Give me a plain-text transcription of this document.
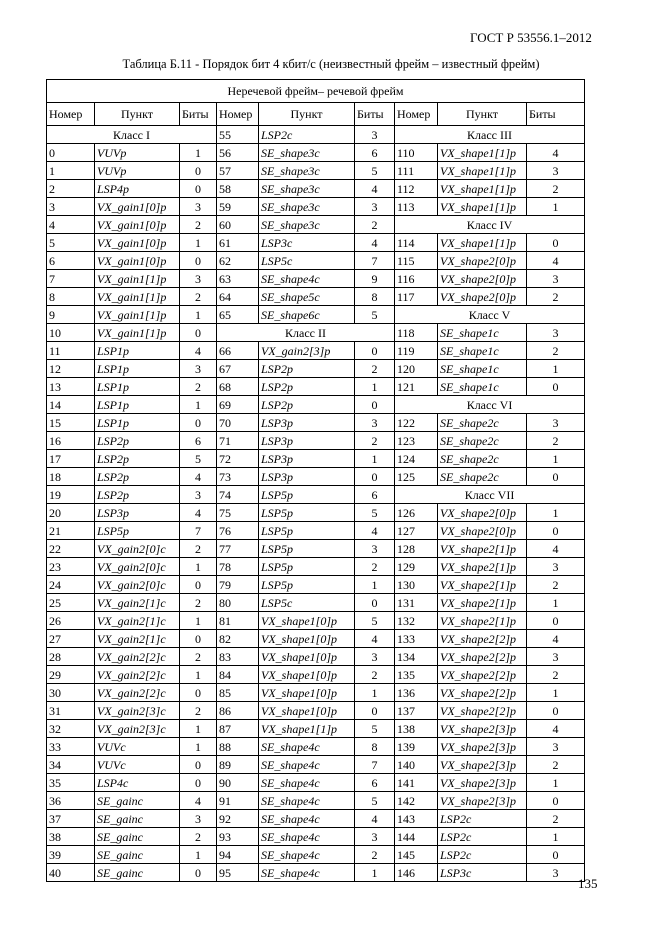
ГОСТ Р 53556.1–2012
Таблица Б.11 - Порядок бит 4 кбит/с (неизвестный фрейм – известный фрейм)
Неречевой фрейм– речевой фрейм								
Номер	Пункт	Биты	Номер	Пункт	Биты	Номер	Пункт	Биты
Класс I			55	LSP2c	3	Класс III		
0	VUVp	1	56	SE_shape3c	6	110	VX_shape1[1]p	4
1	VUVp	0	57	SE_shape3c	5	111	VX_shape1[1]p	3
2	LSP4p	0	58	SE_shape3c	4	112	VX_shape1[1]p	2
3	VX_gain1[0]p	3	59	SE_shape3c	3	113	VX_shape1[1]p	1
4	VX_gain1[0]p	2	60	SE_shape3c	2	Класс IV		
5	VX_gain1[0]p	1	61	LSP3c	4	114	VX_shape1[1]p	0
6	VX_gain1[0]p	0	62	LSP5c	7	115	VX_shape2[0]p	4
7	VX_gain1[1]p	3	63	SE_shape4c	9	116	VX_shape2[0]p	3
8	VX_gain1[1]p	2	64	SE_shape5c	8	117	VX_shape2[0]p	2
9	VX_gain1[1]p	1	65	SE_shape6c	5	Класс V		
10	VX_gain1[1]p	0	Класс II			118	SE_shape1c	3
11	LSP1p	4	66	VX_gain2[3]p	0	119	SE_shape1c	2
12	LSP1p	3	67	LSP2p	2	120	SE_shape1c	1
13	LSP1p	2	68	LSP2p	1	121	SE_shape1c	0
14	LSP1p	1	69	LSP2p	0	Класс VI		
15	LSP1p	0	70	LSP3p	3	122	SE_shape2c	3
16	LSP2p	6	71	LSP3p	2	123	SE_shape2c	2
17	LSP2p	5	72	LSP3p	1	124	SE_shape2c	1
18	LSP2p	4	73	LSP3p	0	125	SE_shape2c	0
19	LSP2p	3	74	LSP5p	6	Класс VII		
20	LSP3p	4	75	LSP5p	5	126	VX_shape2[0]p	1
21	LSP5p	7	76	LSP5p	4	127	VX_shape2[0]p	0
22	VX_gain2[0]c	2	77	LSP5p	3	128	VX_shape2[1]p	4
23	VX_gain2[0]c	1	78	LSP5p	2	129	VX_shape2[1]p	3
24	VX_gain2[0]c	0	79	LSP5p	1	130	VX_shape2[1]p	2
25	VX_gain2[1]c	2	80	LSP5c	0	131	VX_shape2[1]p	1
26	VX_gain2[1]c	1	81	VX_shape1[0]p	5	132	VX_shape2[1]p	0
27	VX_gain2[1]c	0	82	VX_shape1[0]p	4	133	VX_shape2[2]p	4
28	VX_gain2[2]c	2	83	VX_shape1[0]p	3	134	VX_shape2[2]p	3
29	VX_gain2[2]c	1	84	VX_shape1[0]p	2	135	VX_shape2[2]p	2
30	VX_gain2[2]c	0	85	VX_shape1[0]p	1	136	VX_shape2[2]p	1
31	VX_gain2[3]c	2	86	VX_shape1[0]p	0	137	VX_shape2[2]p	0
32	VX_gain2[3]c	1	87	VX_shape1[1]p	5	138	VX_shape2[3]p	4
33	VUVc	1	88	SE_shape4c	8	139	VX_shape2[3]p	3
34	VUVc	0	89	SE_shape4c	7	140	VX_shape2[3]p	2
35	LSP4c	0	90	SE_shape4c	6	141	VX_shape2[3]p	1
36	SE_gainc	4	91	SE_shape4c	5	142	VX_shape2[3]p	0
37	SE_gainc	3	92	SE_shape4c	4	143	LSP2c	2
38	SE_gainc	2	93	SE_shape4c	3	144	LSP2c	1
39	SE_gainc	1	94	SE_shape4c	2	145	LSP2c	0
40	SE_gainc	0	95	SE_shape4c	1	146	LSP3c	3
135
